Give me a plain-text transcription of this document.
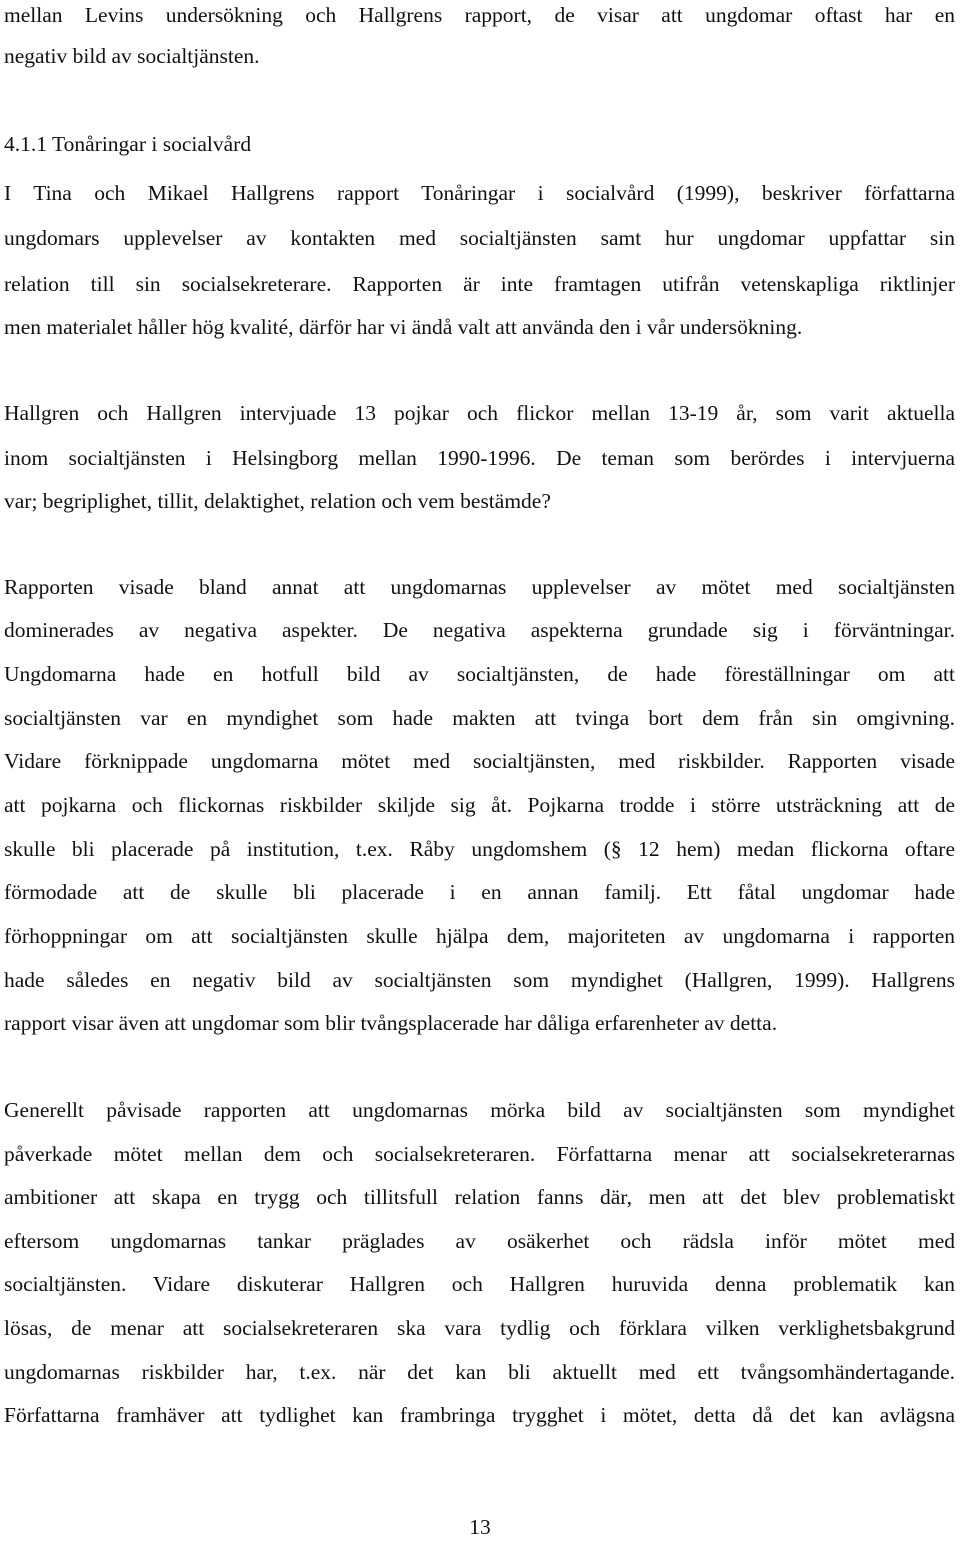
mellan Levins undersökning och Hallgrens rapport, de visar att ungdomar oftast har en
negativ bild av socialtjänsten.
4.1.1 Tonåringar i socialvård
I Tina och Mikael Hallgrens rapport Tonåringar i socialvård (1999), beskriver författarna
ungdomars upplevelser av kontakten med socialtjänsten samt hur ungdomar uppfattar sin
relation till sin socialsekreterare. Rapporten är inte framtagen utifrån vetenskapliga riktlinjer
men materialet håller hög kvalité, därför har vi ändå valt att använda den i vår undersökning.
Hallgren och Hallgren intervjuade 13 pojkar och flickor mellan 13-19 år, som varit aktuella
inom socialtjänsten i Helsingborg mellan 1990-1996. De teman som berördes i intervjuerna
var; begriplighet, tillit, delaktighet, relation och vem bestämde?
Rapporten visade bland annat att ungdomarnas upplevelser av mötet med socialtjänsten
dominerades av negativa aspekter. De negativa aspekterna grundade sig i förväntningar.
Ungdomarna hade en hotfull bild av socialtjänsten, de hade föreställningar om att
socialtjänsten var en myndighet som hade makten att tvinga bort dem från sin omgivning.
Vidare förknippade ungdomarna mötet med socialtjänsten, med riskbilder. Rapporten visade
att pojkarna och flickornas riskbilder skiljde sig åt. Pojkarna trodde i större utsträckning att de
skulle bli placerade på institution, t.ex. Råby ungdomshem (§ 12 hem) medan flickorna oftare
förmodade att de skulle bli placerade i en annan familj. Ett fåtal ungdomar hade
förhoppningar om att socialtjänsten skulle hjälpa dem, majoriteten av ungdomarna i rapporten
hade således en negativ bild av socialtjänsten som myndighet (Hallgren, 1999). Hallgrens
rapport visar även att ungdomar som blir tvångsplacerade har dåliga erfarenheter av detta.
Generellt påvisade rapporten att ungdomarnas mörka bild av socialtjänsten som myndighet
påverkade mötet mellan dem och socialsekreteraren. Författarna menar att socialsekreterarnas
ambitioner att skapa en trygg och tillitsfull relation fanns där, men att det blev problematiskt
eftersom ungdomarnas tankar präglades av osäkerhet och rädsla inför mötet med
socialtjänsten. Vidare diskuterar Hallgren och Hallgren huruvida denna problematik kan
lösas, de menar att socialsekreteraren ska vara tydlig och förklara vilken verklighetsbakgrund
ungdomarnas riskbilder har, t.ex. när det kan bli aktuellt med ett tvångsomhändertagande.
Författarna framhäver att tydlighet kan frambringa trygghet i mötet, detta då det kan avlägsna
13
